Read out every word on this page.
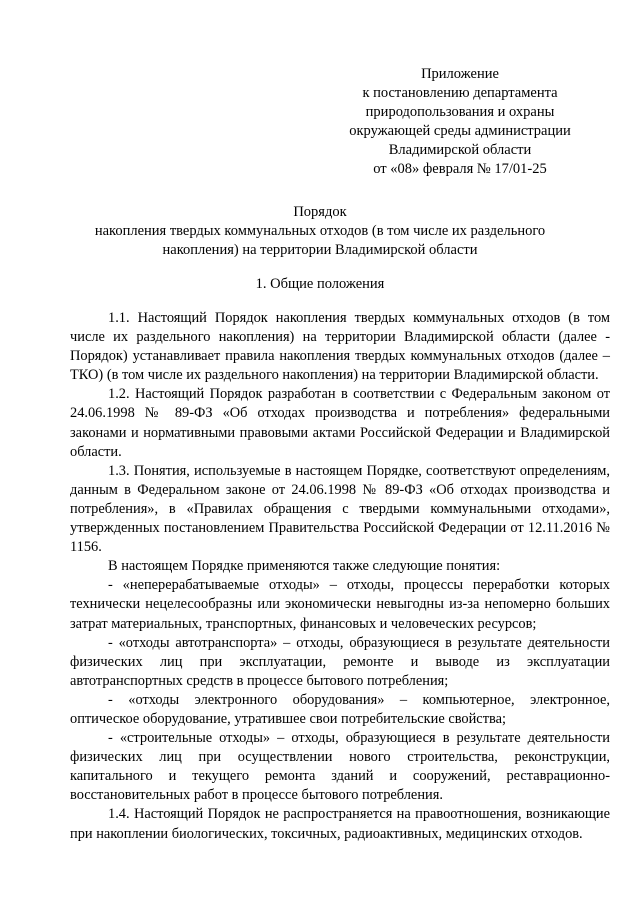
Приложение
к постановлению департамента
природопользования и охраны
окружающей среды администрации
Владимирской области
от «08» февраля № 17/01-25
Порядок
накопления твердых коммунальных отходов (в том числе их раздельного
накопления) на территории Владимирской области
1. Общие положения

1.1. Настоящий Порядок накопления твердых коммунальных отходов (в том числе их раздельного накопления) на территории Владимирской области (далее - Порядок) устанавливает правила накопления твердых коммунальных отходов (далее – ТКО) (в том числе их раздельного накопления) на территории Владимирской области.

1.2. Настоящий Порядок разработан в соответствии с Федеральным законом от 24.06.1998 № 89-ФЗ «Об отходах производства и потребления» федеральными законами и нормативными правовыми актами Российской Федерации и Владимирской области.

1.3. Понятия, используемые в настоящем Порядке, соответствуют определениям, данным в Федеральном законе от 24.06.1998 № 89-ФЗ «Об отходах производства и потребления», в «Правилах обращения с твердыми коммунальными отходами», утвержденных постановлением Правительства Российской Федерации от 12.11.2016 № 1156.

В настоящем Порядке применяются также следующие понятия:

- «неперерабатываемые отходы» – отходы, процессы переработки которых технически нецелесообразны или экономически невыгодны из-за непомерно больших затрат материальных, транспортных, финансовых и человеческих ресурсов;

- «отходы автотранспорта» – отходы, образующиеся в результате деятельности физических лиц при эксплуатации, ремонте и выводе из эксплуатации автотранспортных средств в процессе бытового потребления;

- «отходы электронного оборудования» – компьютерное, электронное, оптическое оборудование, утратившее свои потребительские свойства;

- «строительные отходы» – отходы, образующиеся в результате деятельности физических лиц при осуществлении нового строительства, реконструкции, капитального и текущего ремонта зданий и сооружений, реставрационно-восстановительных работ в процессе бытового потребления.

1.4. Настоящий Порядок не распространяется на правоотношения, возникающие при накоплении биологических, токсичных, радиоактивных, медицинских отходов.
